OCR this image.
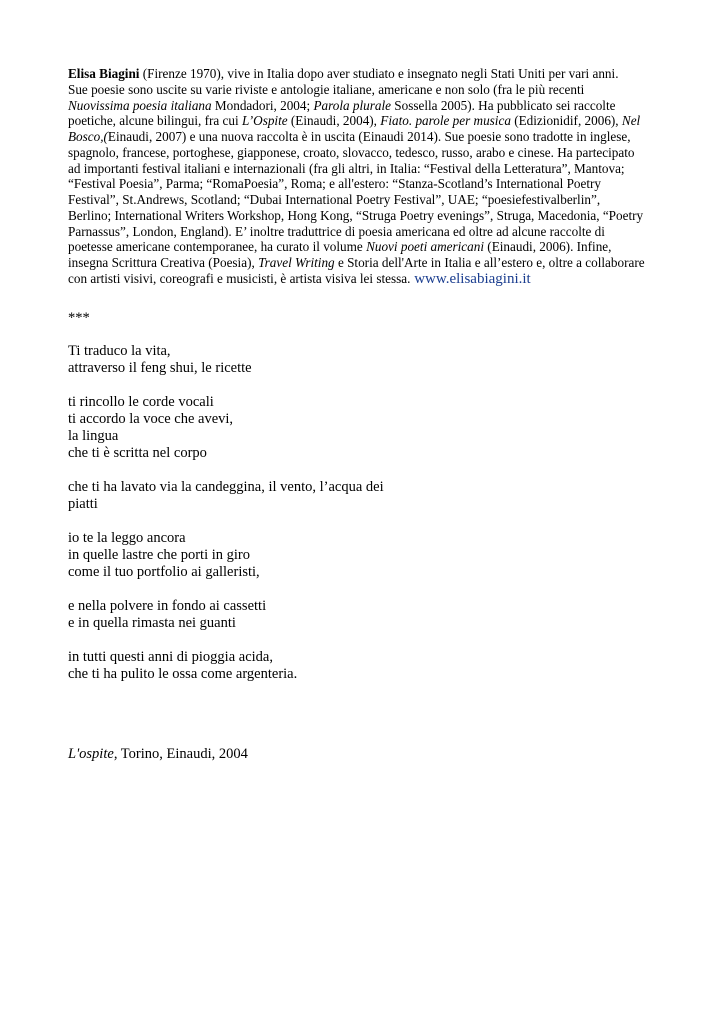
Elisa Biagini (Firenze 1970), vive in Italia dopo aver studiato e insegnato negli Stati Uniti per vari anni.
Sue poesie sono uscite su varie riviste e antologie italiane, americane e non solo (fra le più recenti
Nuovissima poesia italiana Mondadori, 2004; Parola plurale Sossella 2005). Ha pubblicato sei raccolte
poetiche, alcune bilingui, fra cui L’Ospite (Einaudi, 2004), Fiato. parole per musica (Edizionidif, 2006), Nel
Bosco,(Einaudi, 2007) e una nuova raccolta è in uscita (Einaudi 2014). Sue poesie sono tradotte in inglese,
spagnolo, francese, portoghese, giapponese, croato, slovacco, tedesco, russo, arabo e cinese. Ha partecipato
ad importanti festival italiani e internazionali (fra gli altri, in Italia: “Festival della Letteratura”, Mantova;
“Festival Poesia”, Parma; “RomaPoesia”, Roma; e all'estero: “Stanza-Scotland’s International Poetry
Festival”, St.Andrews, Scotland; “Dubai International Poetry Festival”, UAE; “poesiefestivalberlin”,
Berlino; International Writers Workshop, Hong Kong, “Struga Poetry evenings”, Struga, Macedonia, “Poetry
Parnassus”, London, England). E’ inoltre traduttrice di poesia americana ed oltre ad alcune raccolte di
poetesse americane contemporanee, ha curato il volume Nuovi poeti americani (Einaudi, 2006). Infine,
insegna Scrittura Creativa (Poesia), Travel Writing e Storia dell'Arte in Italia e all’estero e, oltre a collaborare
con artisti visivi, coreografi e musicisti, è artista visiva lei stessa. www.elisabiagini.it
***
Ti traduco la vita,
attraverso il feng shui, le ricette
ti rincollo le corde vocali
ti accordo la voce che avevi,
la lingua
che ti è scritta nel corpo
che ti ha lavato via la candeggina, il vento, l’acqua dei
piatti
io te la leggo ancora
in quelle lastre che porti in giro
come il tuo portfolio ai galleristi,
e nella polvere in fondo ai cassetti
e in quella rimasta nei guanti
in tutti questi anni di pioggia acida,
che ti ha pulito le ossa come argenteria.
L'ospite, Torino, Einaudi, 2004
